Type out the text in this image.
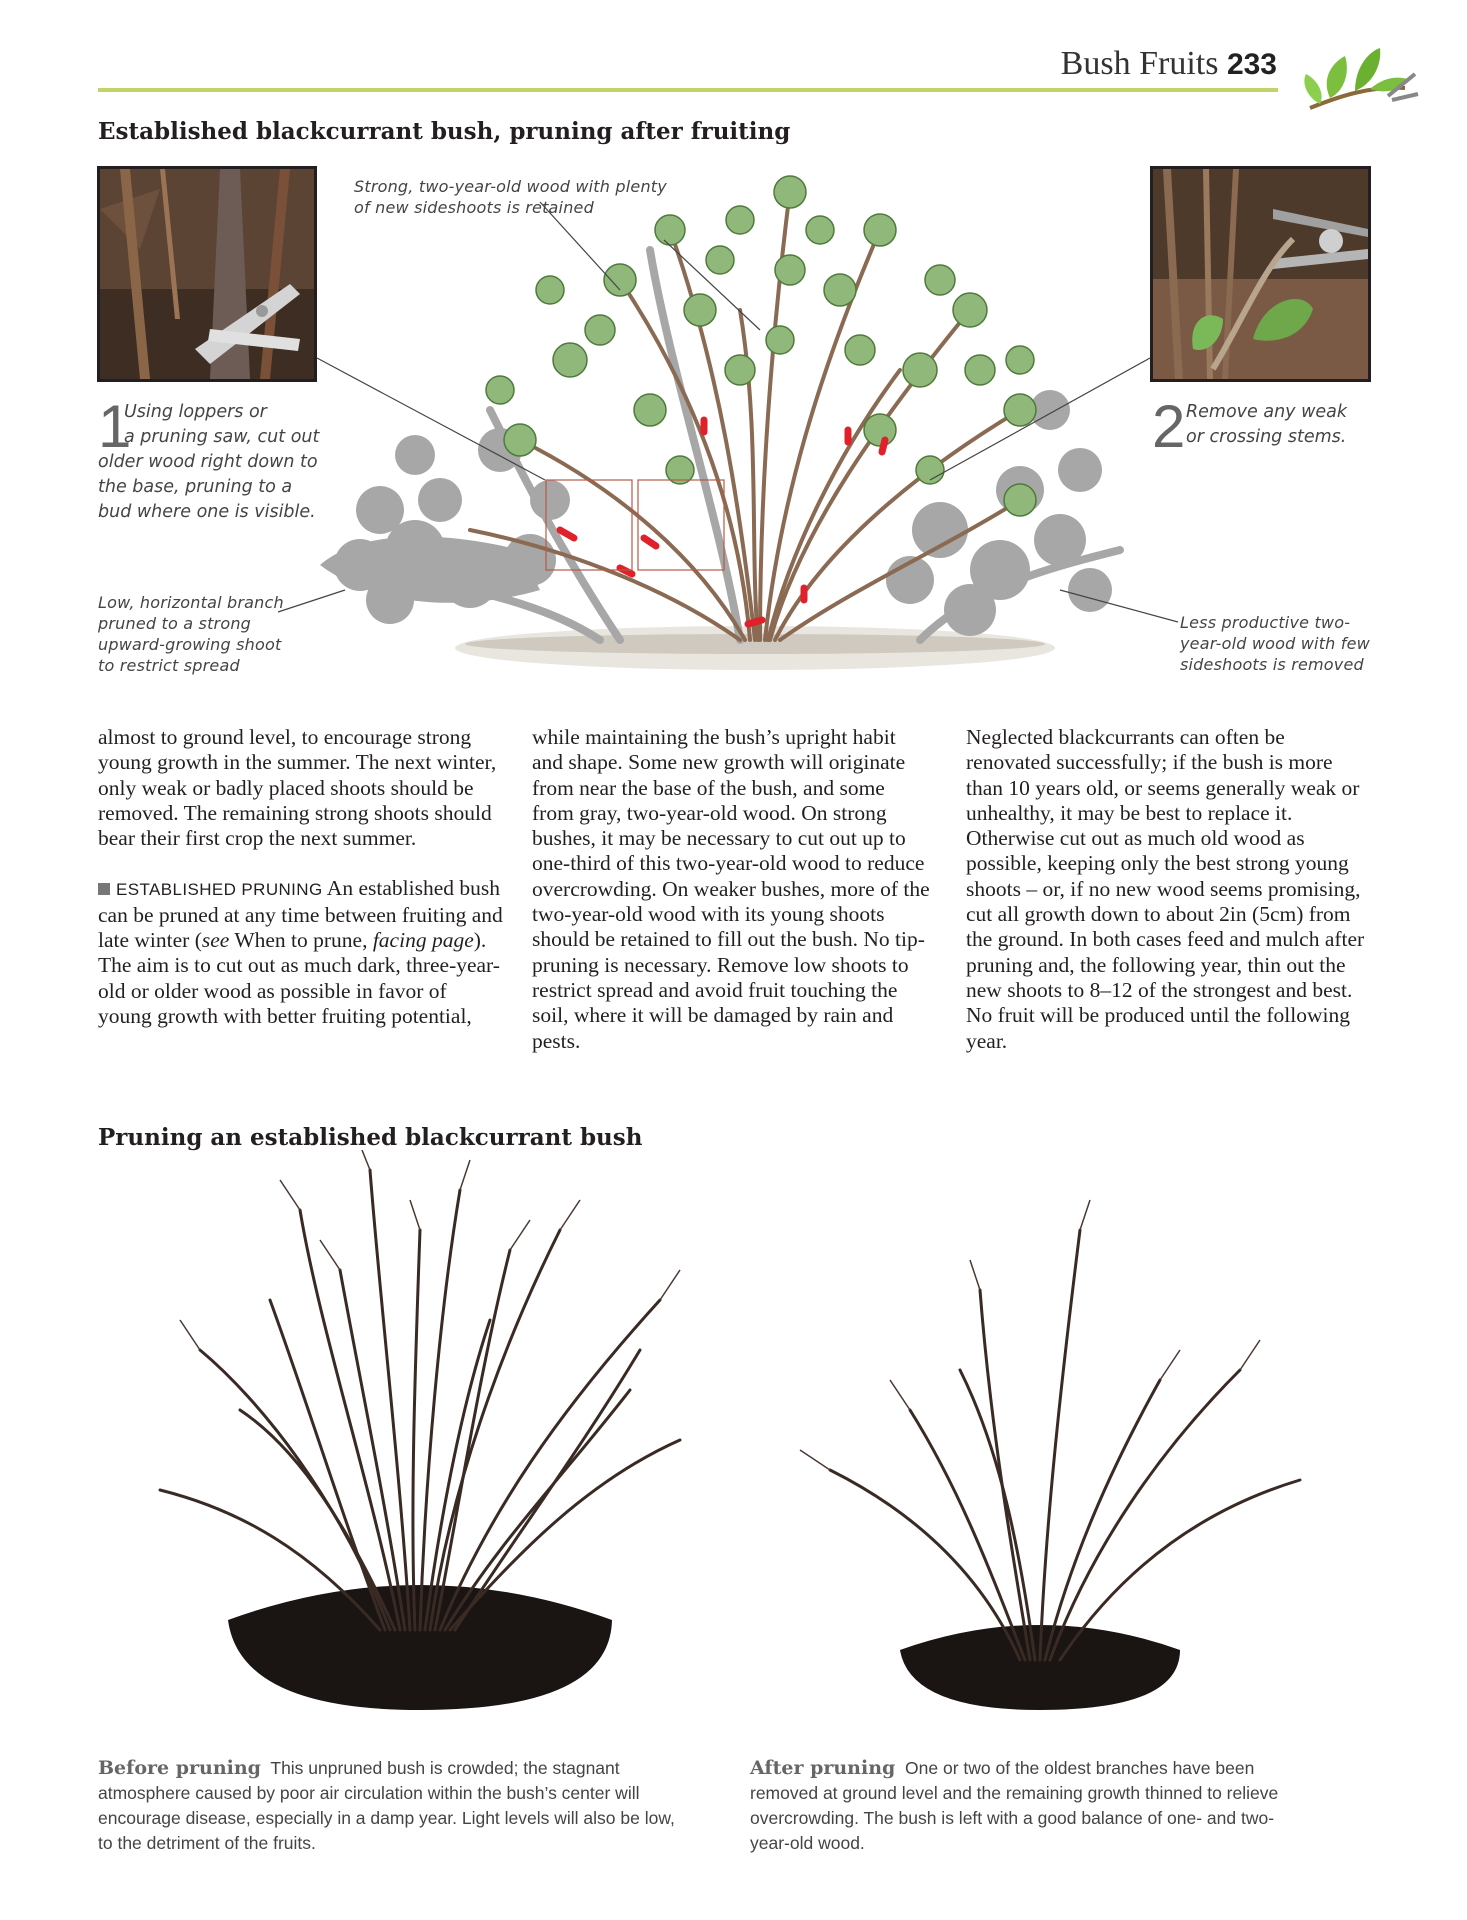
Bush Fruits 233
Established blackcurrant bush, pruning after fruiting
Strong, two-year-old wood with plenty
of new sideshoots is retained
1
Using loppers or
a pruning saw, cut out
older wood right down to
the base, pruning to a
bud where one is visible.
2 Remove any weak
or crossing stems.
Low, horizontal branch
pruned to a strong
upward-growing shoot
to restrict spread
Less productive two-
year-old wood with few
sideshoots is removed

almost to ground level, to encourage strong young growth in the summer. The next winter, only weak or badly placed shoots should be removed. The remaining strong shoots should bear their first crop the next summer.

ESTABLISHED PRUNING An established bush can be pruned at any time between fruiting and late winter (see When to prune, facing page). The aim is to cut out as much dark, three-year-old or older wood as possible in favor of young growth with better fruiting potential,

while maintaining the bush’s upright habit and shape. Some new growth will originate from near the base of the bush, and some from gray, two-year-old wood. On strong bushes, it may be necessary to cut out up to one-third of this two-year-old wood to reduce overcrowding. On weaker bushes, more of the two-year-old wood with its young shoots should be retained to fill out the bush. No tip-pruning is necessary. Remove low shoots to restrict spread and avoid fruit touching the soil, where it will be damaged by rain and pests.

Neglected blackcurrants can often be renovated successfully; if the bush is more than 10 years old, or seems generally weak or unhealthy, it may be best to replace it. Otherwise cut out as much old wood as possible, keeping only the best strong young shoots – or, if no new wood seems promising, cut all growth down to about 2in (5cm) from the ground. In both cases feed and mulch after pruning and, the following year, thin out the new shoots to 8–12 of the strongest and best. No fruit will be produced until the following year.

Pruning an established blackcurrant bush
Before pruning This unpruned bush is crowded; the stagnant atmosphere caused by poor air circulation within the bush’s center will encourage disease, especially in a damp year. Light levels will also be low, to the detriment of the fruits.
After pruning One or two of the oldest branches have been removed at ground level and the remaining growth thinned to relieve overcrowding. The bush is left with a good balance of one- and two-year-old wood.
